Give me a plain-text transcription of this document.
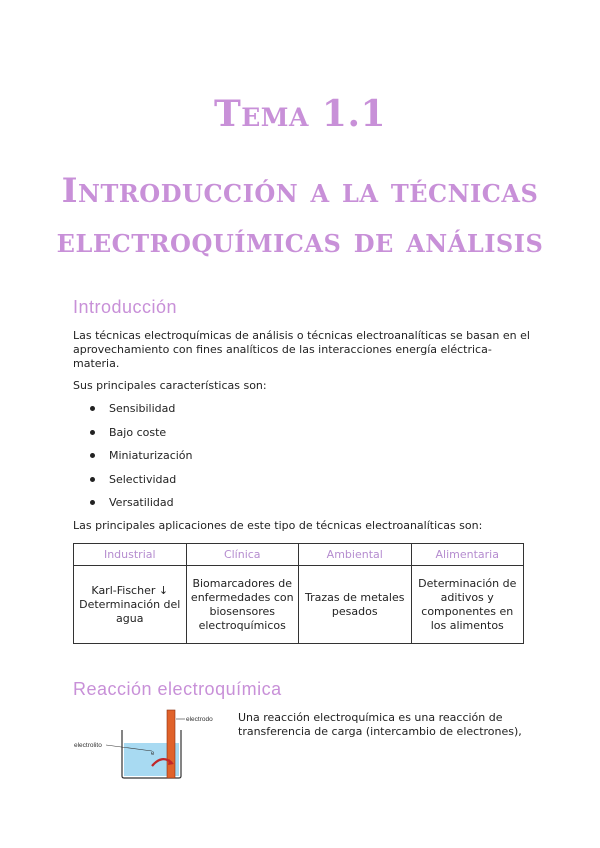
Tema 1.1
Introducción a la técnicas
electroquímicas de análisis
Introducción

Las técnicas electroquímicas de análisis o técnicas electroanalíticas se basan en el aprovechamiento con fines analíticos de las interacciones energía eléctrica-materia.

Sus principales características son:

Sensibilidad
Bajo coste
Miniaturización
Selectividad
Versatilidad

Las principales aplicaciones de este tipo de técnicas electroanalíticas son:

Industrial	Clínica	Ambiental	Alimentaria
Karl-Fischer ↓ Determinación del agua	Biomarcadores de enfermedades con biosensores electroquímicos	Trazas de metales pesados	Determinación de aditivos y componentes en los alimentos
Reacción electroquímica
electrodo
electrolito
e

Una reacción electroquímica es una reacción de
transferencia de carga (intercambio de electrones),
